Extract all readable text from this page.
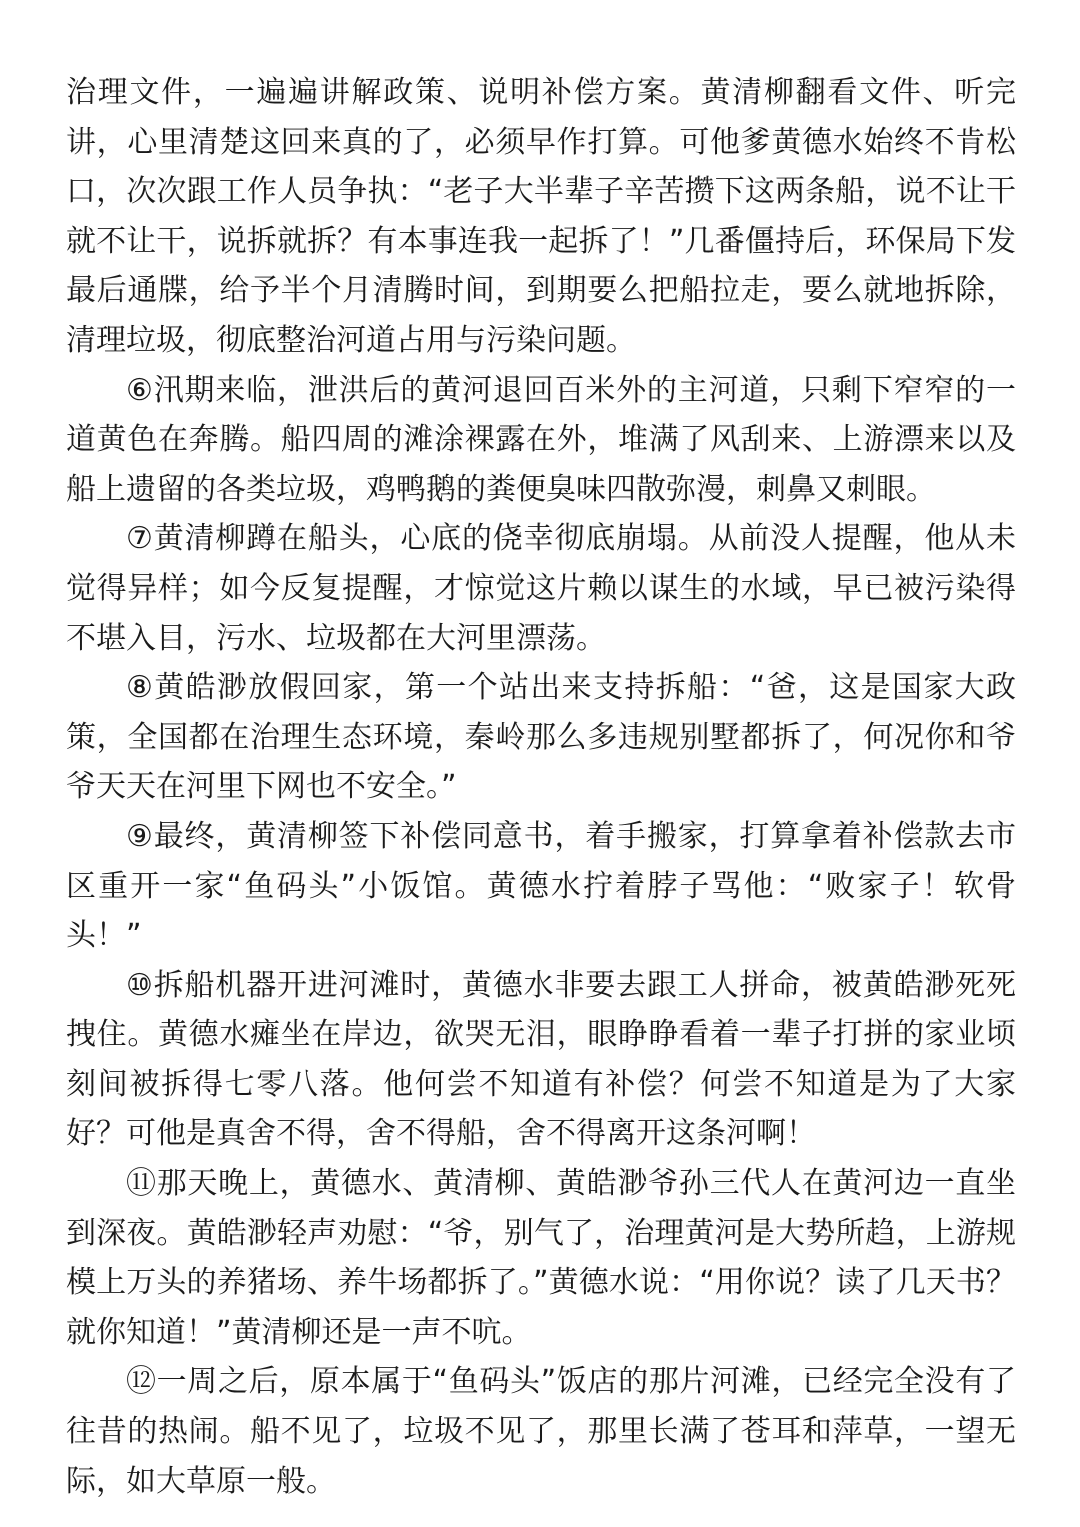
治理文件，一遍遍讲解政策、说明补偿方案。黄清柳翻看文件、听完讲，心里清楚这回来真的了，必须早作打算。可他爹黄德水始终不肯松口，次次跟工作人员争执：“老子大半辈子辛苦攒下这两条船，说不让干就不让干，说拆就拆？有本事连我一起拆了！”几番僵持后，环保局下发最后通牒，给予半个月清腾时间，到期要么把船拉走，要么就地拆除，清理垃圾，彻底整治河道占用与污染问题。

⑥汛期来临，泄洪后的黄河退回百米外的主河道，只剩下窄窄的一道黄色在奔腾。船四周的滩涂裸露在外，堆满了风刮来、上游漂来以及船上遗留的各类垃圾，鸡鸭鹅的粪便臭味四散弥漫，刺鼻又刺眼。

⑦黄清柳蹲在船头，心底的侥幸彻底崩塌。从前没人提醒，他从未觉得异样；如今反复提醒，才惊觉这片赖以谋生的水域，早已被污染得不堪入目，污水、垃圾都在大河里漂荡。

⑧黄皓渺放假回家，第一个站出来支持拆船：“爸，这是国家大政策，全国都在治理生态环境，秦岭那么多违规别墅都拆了，何况你和爷爷天天在河里下网也不安全。”

⑨最终，黄清柳签下补偿同意书，着手搬家，打算拿着补偿款去市区重开一家“鱼码头”小饭馆。黄德水拧着脖子骂他：“败家子！软骨头！”

⑩拆船机器开进河滩时，黄德水非要去跟工人拼命，被黄皓渺死死拽住。黄德水瘫坐在岸边，欲哭无泪，眼睁睁看着一辈子打拼的家业顷刻间被拆得七零八落。他何尝不知道有补偿？何尝不知道是为了大家好？可他是真舍不得，舍不得船，舍不得离开这条河啊！

⑪那天晚上，黄德水、黄清柳、黄皓渺爷孙三代人在黄河边一直坐到深夜。黄皓渺轻声劝慰：“爷，别气了，治理黄河是大势所趋，上游规模上万头的养猪场、养牛场都拆了。”黄德水说：“用你说？读了几天书？就你知道！”黄清柳还是一声不吭。

⑫一周之后，原本属于“鱼码头”饭店的那片河滩，已经完全没有了往昔的热闹。船不见了，垃圾不见了，那里长满了苍耳和萍草，一望无际，如大草原一般。
